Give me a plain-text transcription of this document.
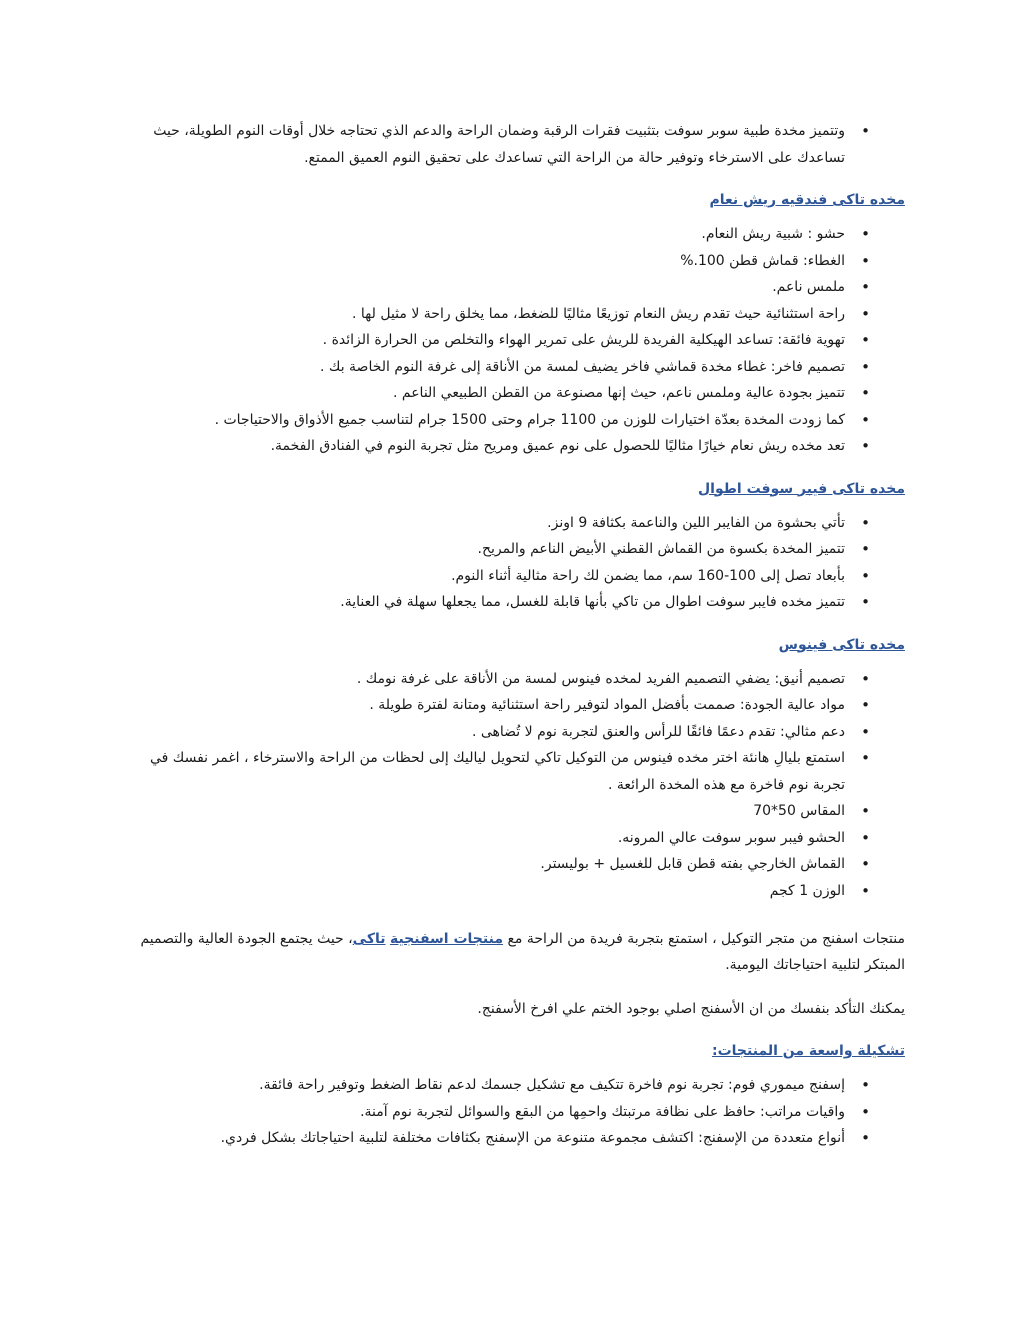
• وتتميز مخدة طبية سوبر سوفت بتثبيت فقرات الرقبة وضمان الراحة والدعم الذي تحتاجه خلال أوقات النوم الطويلة، حيث تساعدك على الاسترخاء وتوفير حالة من الراحة التي تساعدك على تحقيق النوم العميق الممتع.
مخده تاكى فندقيه ريش نعام
• حشو : شبية ريش النعام.
• الغطاء: قماش قطن 100.%
• ملمس ناعم.
• راحة استثنائية حيث تقدم ريش النعام توزيعًا مثاليًا للضغط، مما يخلق راحة لا مثيل لها .
• تهوية فائقة: تساعد الهيكلية الفريدة للريش على تمرير الهواء والتخلص من الحرارة الزائدة .
• تصميم فاخر: غطاء مخدة قماشي فاخر يضيف لمسة من الأناقة إلى غرفة النوم الخاصة بك .
• تتميز بجودة عالية وملمس ناعم، حيث إنها مصنوعة من القطن الطبيعي الناعم .
• كما زودت المخدة بعدّة اختيارات للوزن من 1100 جرام وحتى 1500 جرام لتناسب جميع الأذواق والاحتياجات .
• تعد مخده ريش نعام خيارًا مثاليًا للحصول على نوم عميق ومريح مثل تجربة النوم في الفنادق الفخمة.
مخده تاكى فيبر سوفت اطوال
• تأتي بحشوة من الفايبر اللين والناعمة بكثافة 9 اونز.
• تتميز المخدة بكسوة من القماش القطني الأبيض الناعم والمريح.
• بأبعاد تصل إلى 100-160 سم، مما يضمن لك راحة مثالية أثناء النوم.
• تتميز مخده فايبر سوفت اطوال من تاكي بأنها قابلة للغسل، مما يجعلها سهلة في العناية.
مخده تاكى فينوس
• تصميم أنيق: يضفي التصميم الفريد لمخده فينوس لمسة من الأناقة على غرفة نومك .
• مواد عالية الجودة: صممت بأفضل المواد لتوفير راحة استثنائية ومتانة لفترة طويلة .
• دعم مثالي: تقدم دعمًا فائقًا للرأس والعنق لتجربة نوم لا تُضاهى .
• استمتع بليالِ هانئة اختر مخده فينوس من التوكيل تاكي لتحويل لياليك إلى لحظات من الراحة والاسترخاء ، اغمر نفسك في تجربة نوم فاخرة مع هذه المخدة الرائعة .
• المقاس 50*70
• الحشو فيبر سوبر سوفت عالي المرونه.
• القماش الخارجي بفته قطن قابل للغسيل + بوليستر.
• الوزن 1 كجم

منتجات اسفنج من متجر التوكيل ، استمتع بتجربة فريدة من الراحة مع منتجات اسفنجية تاكى، حيث يجتمع الجودة العالية والتصميم المبتكر لتلبية احتياجاتك اليومية.

يمكنك التأكد بنفسك من ان الأسفنج اصلي بوجود الختم علي افرخ الأسفنج.

تشكيلة واسعة من المنتجات:
• إسفنج ميموري فوم: تجربة نوم فاخرة تتكيف مع تشكيل جسمك لدعم نقاط الضغط وتوفير راحة فائقة.
• واقيات مراتب: حافظ على نظافة مرتبتك واحمِها من البقع والسوائل لتجربة نوم آمنة.
• أنواع متعددة من الإسفنج: اكتشف مجموعة متنوعة من الإسفنج بكثافات مختلفة لتلبية احتياجاتك بشكل فردي.
